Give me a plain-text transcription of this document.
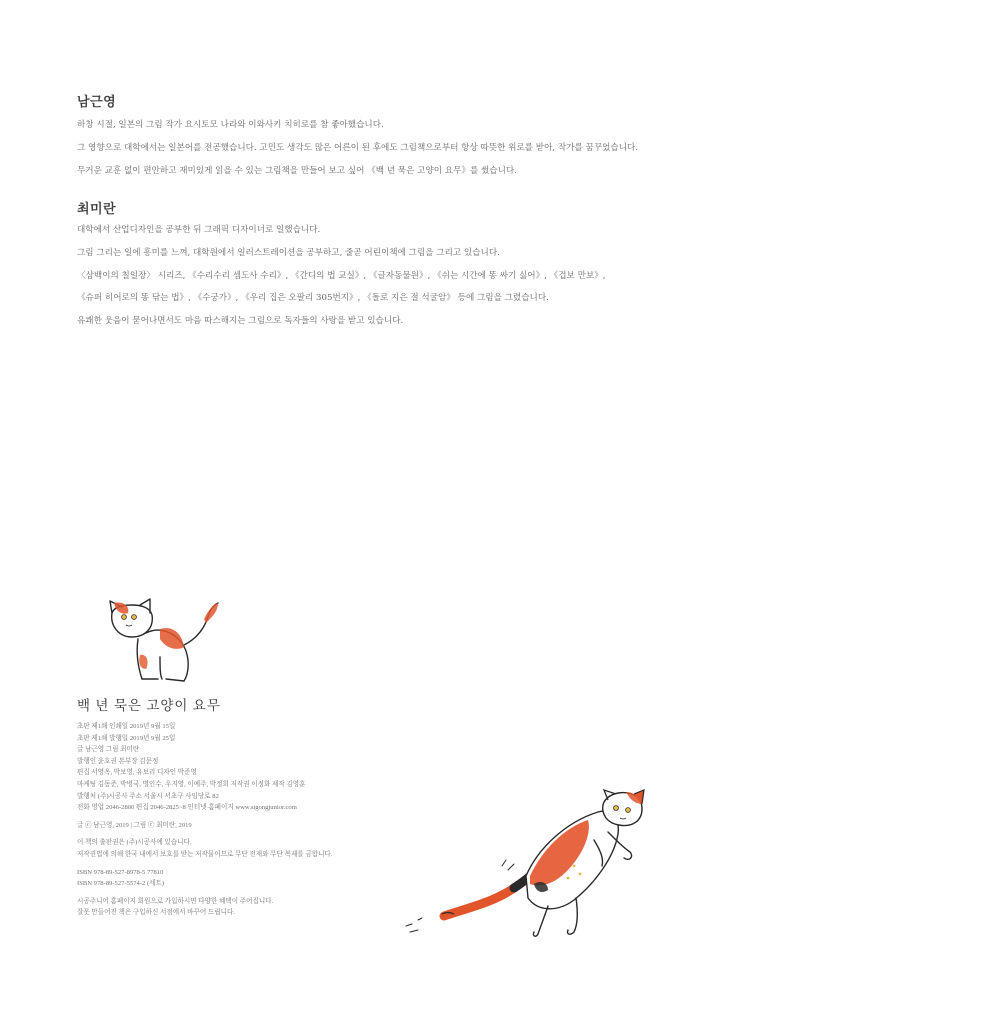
남근영
하창 시절, 일본의 그림 작가 요시토모 나라와 이와사키 치히로를 참 좋아했습니다.
그 영향으로 대학에서는 일본어를 전공했습니다. 고민도 생각도 많은 어른이 된 후에도 그림책으로부터 항상 따뜻한 위로를 받아, 작가를 꿈꾸었습니다.
무거운 교훈 없이 편안하고 재미있게 읽을 수 있는 그림책을 만들어 보고 싶어 《백 년 묵은 고양이 요무》를 썼습니다.
최미란
대학에서 산업디자인을 공부한 뒤 그래픽 디자이너로 일했습니다.
그림 그리는 일에 흥미를 느껴, 대학원에서 일러스트레이션을 공부하고, 줄곧 어린이책에 그림을 그리고 있습니다.
〈삼백이의 칠일장〉 시리즈, 《수리수리 셈도사 수리》, 《간디의 법 교실》, 《글자동물원》, 《쉬는 시간에 똥 싸기 싫어》, 《겁보 만보》,
《슈퍼 히어로의 똥 닦는 법》, 《수궁가》, 《우리 집은 오팔리 305번지》, 《돌로 지은 절 석굴암》 등에 그림을 그렸습니다.
유쾌한 웃음이 묻어나면서도 마음 따스해지는 그림으로 독자들의 사랑을 받고 있습니다.
백 년 묵은 고양이 요무
초판 제1쇄 인쇄일 2019년 9월 15일
초판 제1쇄 발행일 2019년 9월 25일
글 남근영 그림 최미란
발행인 윤호권 본부장 김문정
편집 서영옥, 박보영, 유보리 디자인 박준영
마케팅 김동준, 박병국, 명인수, 우지영, 이예주, 박정희 저작권 이정화 제작 김영훈
발행처 (주)시공사 주소 서울시 서초구 사임당로 82
전화 영업 2046-2800 편집 2046-2825~8 인터넷 홈페이지 www.sigongjunior.com
글 ⓒ 남근영, 2019 | 그림 ⓒ 최미란, 2019
이 책의 출판권은 (주)시공사에 있습니다.
저작권법에 의해 한국 내에서 보호를 받는 저작물이므로 무단 전재와 무단 복제를 금합니다.
ISBN 978-89-527-8978-5 77810
ISBN 978-89-527-5574-2 (세트)
시공주니어 홈페이지 회원으로 가입하시면 다양한 혜택이 주어집니다.
잘못 만들어진 책은 구입하신 서점에서 바꾸어 드립니다.
